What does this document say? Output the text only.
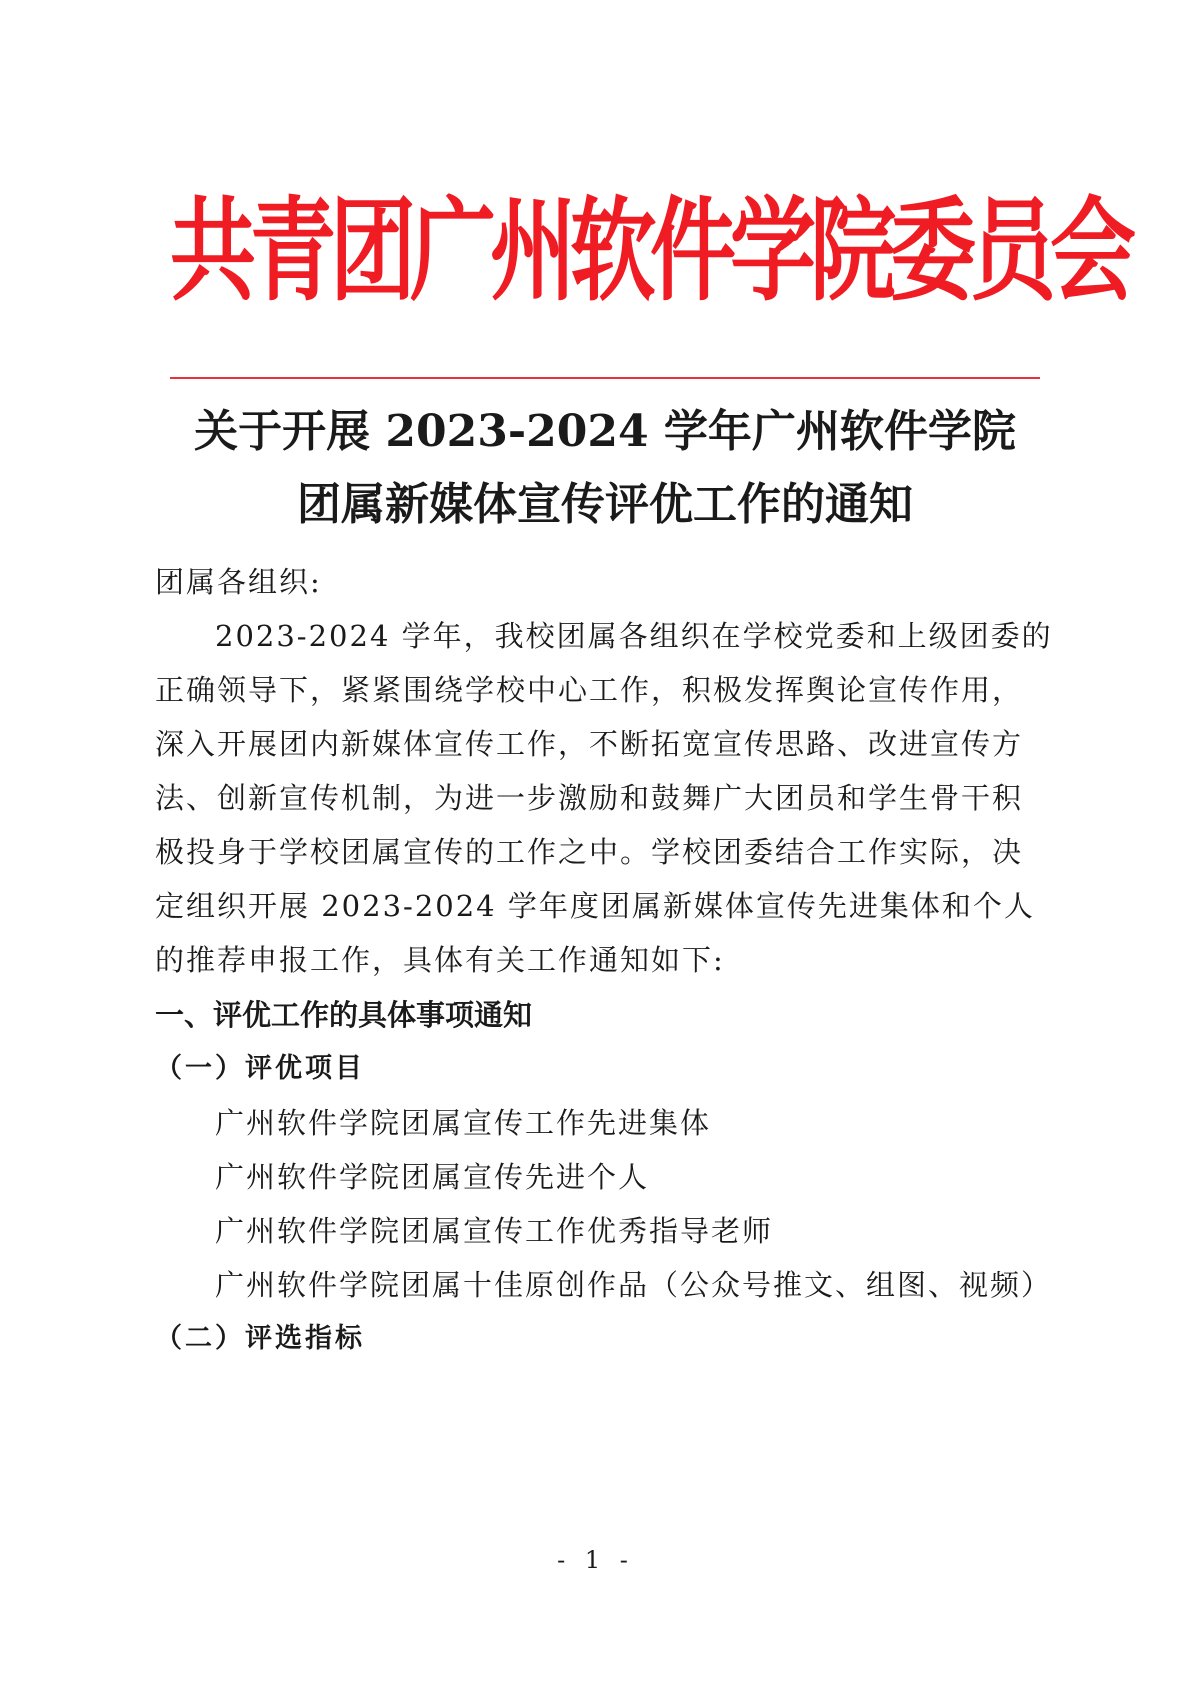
共青团广州软件学院委员会
关于开展 2023-2024 学年广州软件学院
团属新媒体宣传评优工作的通知
团属各组织:
2023-2024 学年，我校团属各组织在学校党委和上级团委的
正确领导下，紧紧围绕学校中心工作，积极发挥舆论宣传作用，
深入开展团内新媒体宣传工作，不断拓宽宣传思路、改进宣传方
法、创新宣传机制，为进一步激励和鼓舞广大团员和学生骨干积
极投身于学校团属宣传的工作之中。学校团委结合工作实际，决
定组织开展 2023-2024 学年度团属新媒体宣传先进集体和个人
的推荐申报工作，具体有关工作通知如下:
一、评优工作的具体事项通知
（一）评优项目
广州软件学院团属宣传工作先进集体
广州软件学院团属宣传先进个人
广州软件学院团属宣传工作优秀指导老师
广州软件学院团属十佳原创作品（公众号推文、组图、视频）
（二）评选指标
- 1 -
